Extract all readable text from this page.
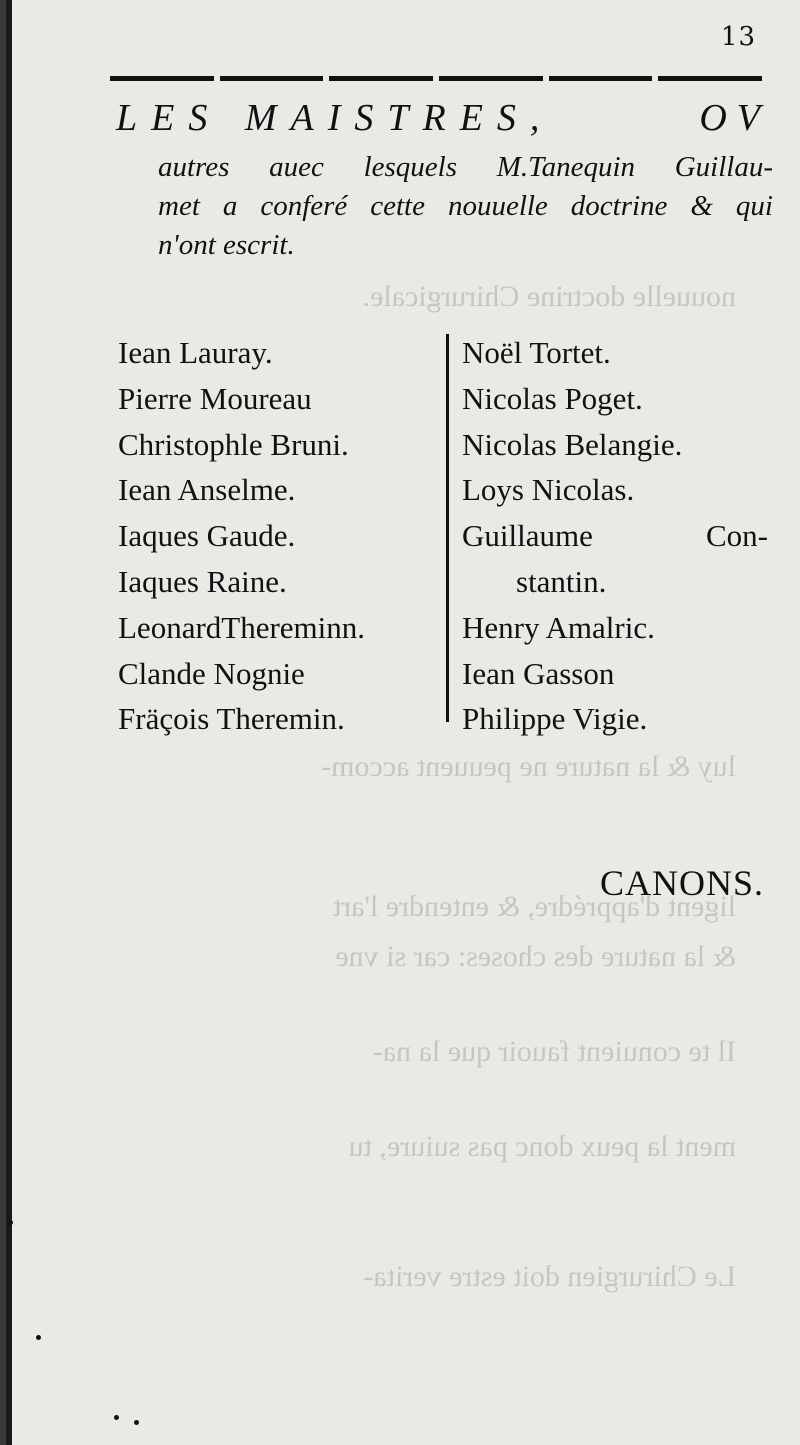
nouuelle doctrine Chirurgicale.
luy & la nature ne peuuent accom-
ligent d'apprédre, & entendre l'art
& la nature des choses: car si vne
Il te conuient fauoir que la na-
ment la peux donc pas suiure, tu
Le Chirurgien doit estre verita-
13
LES MAISTRES,	OV
autres auec lesquels M.Tanequin Guillau-
met a conferé cette nouuelle doctrine & qui
n'ont escrit.
Iean Lauray.
Pierre Moureau
Christophle Bruni.
Iean Anselme.
Iaques Gaude.
Iaques Raine.
LeonardThereminn.
Clande Nognie
Fräçois Theremin.
Noël Tortet.
Nicolas Poget.
Nicolas Belangie.
Loys Nicolas.
Guillaume	Con-
stantin.
Henry Amalric.
Iean Gasson
Philippe Vigie.
CANONS.
